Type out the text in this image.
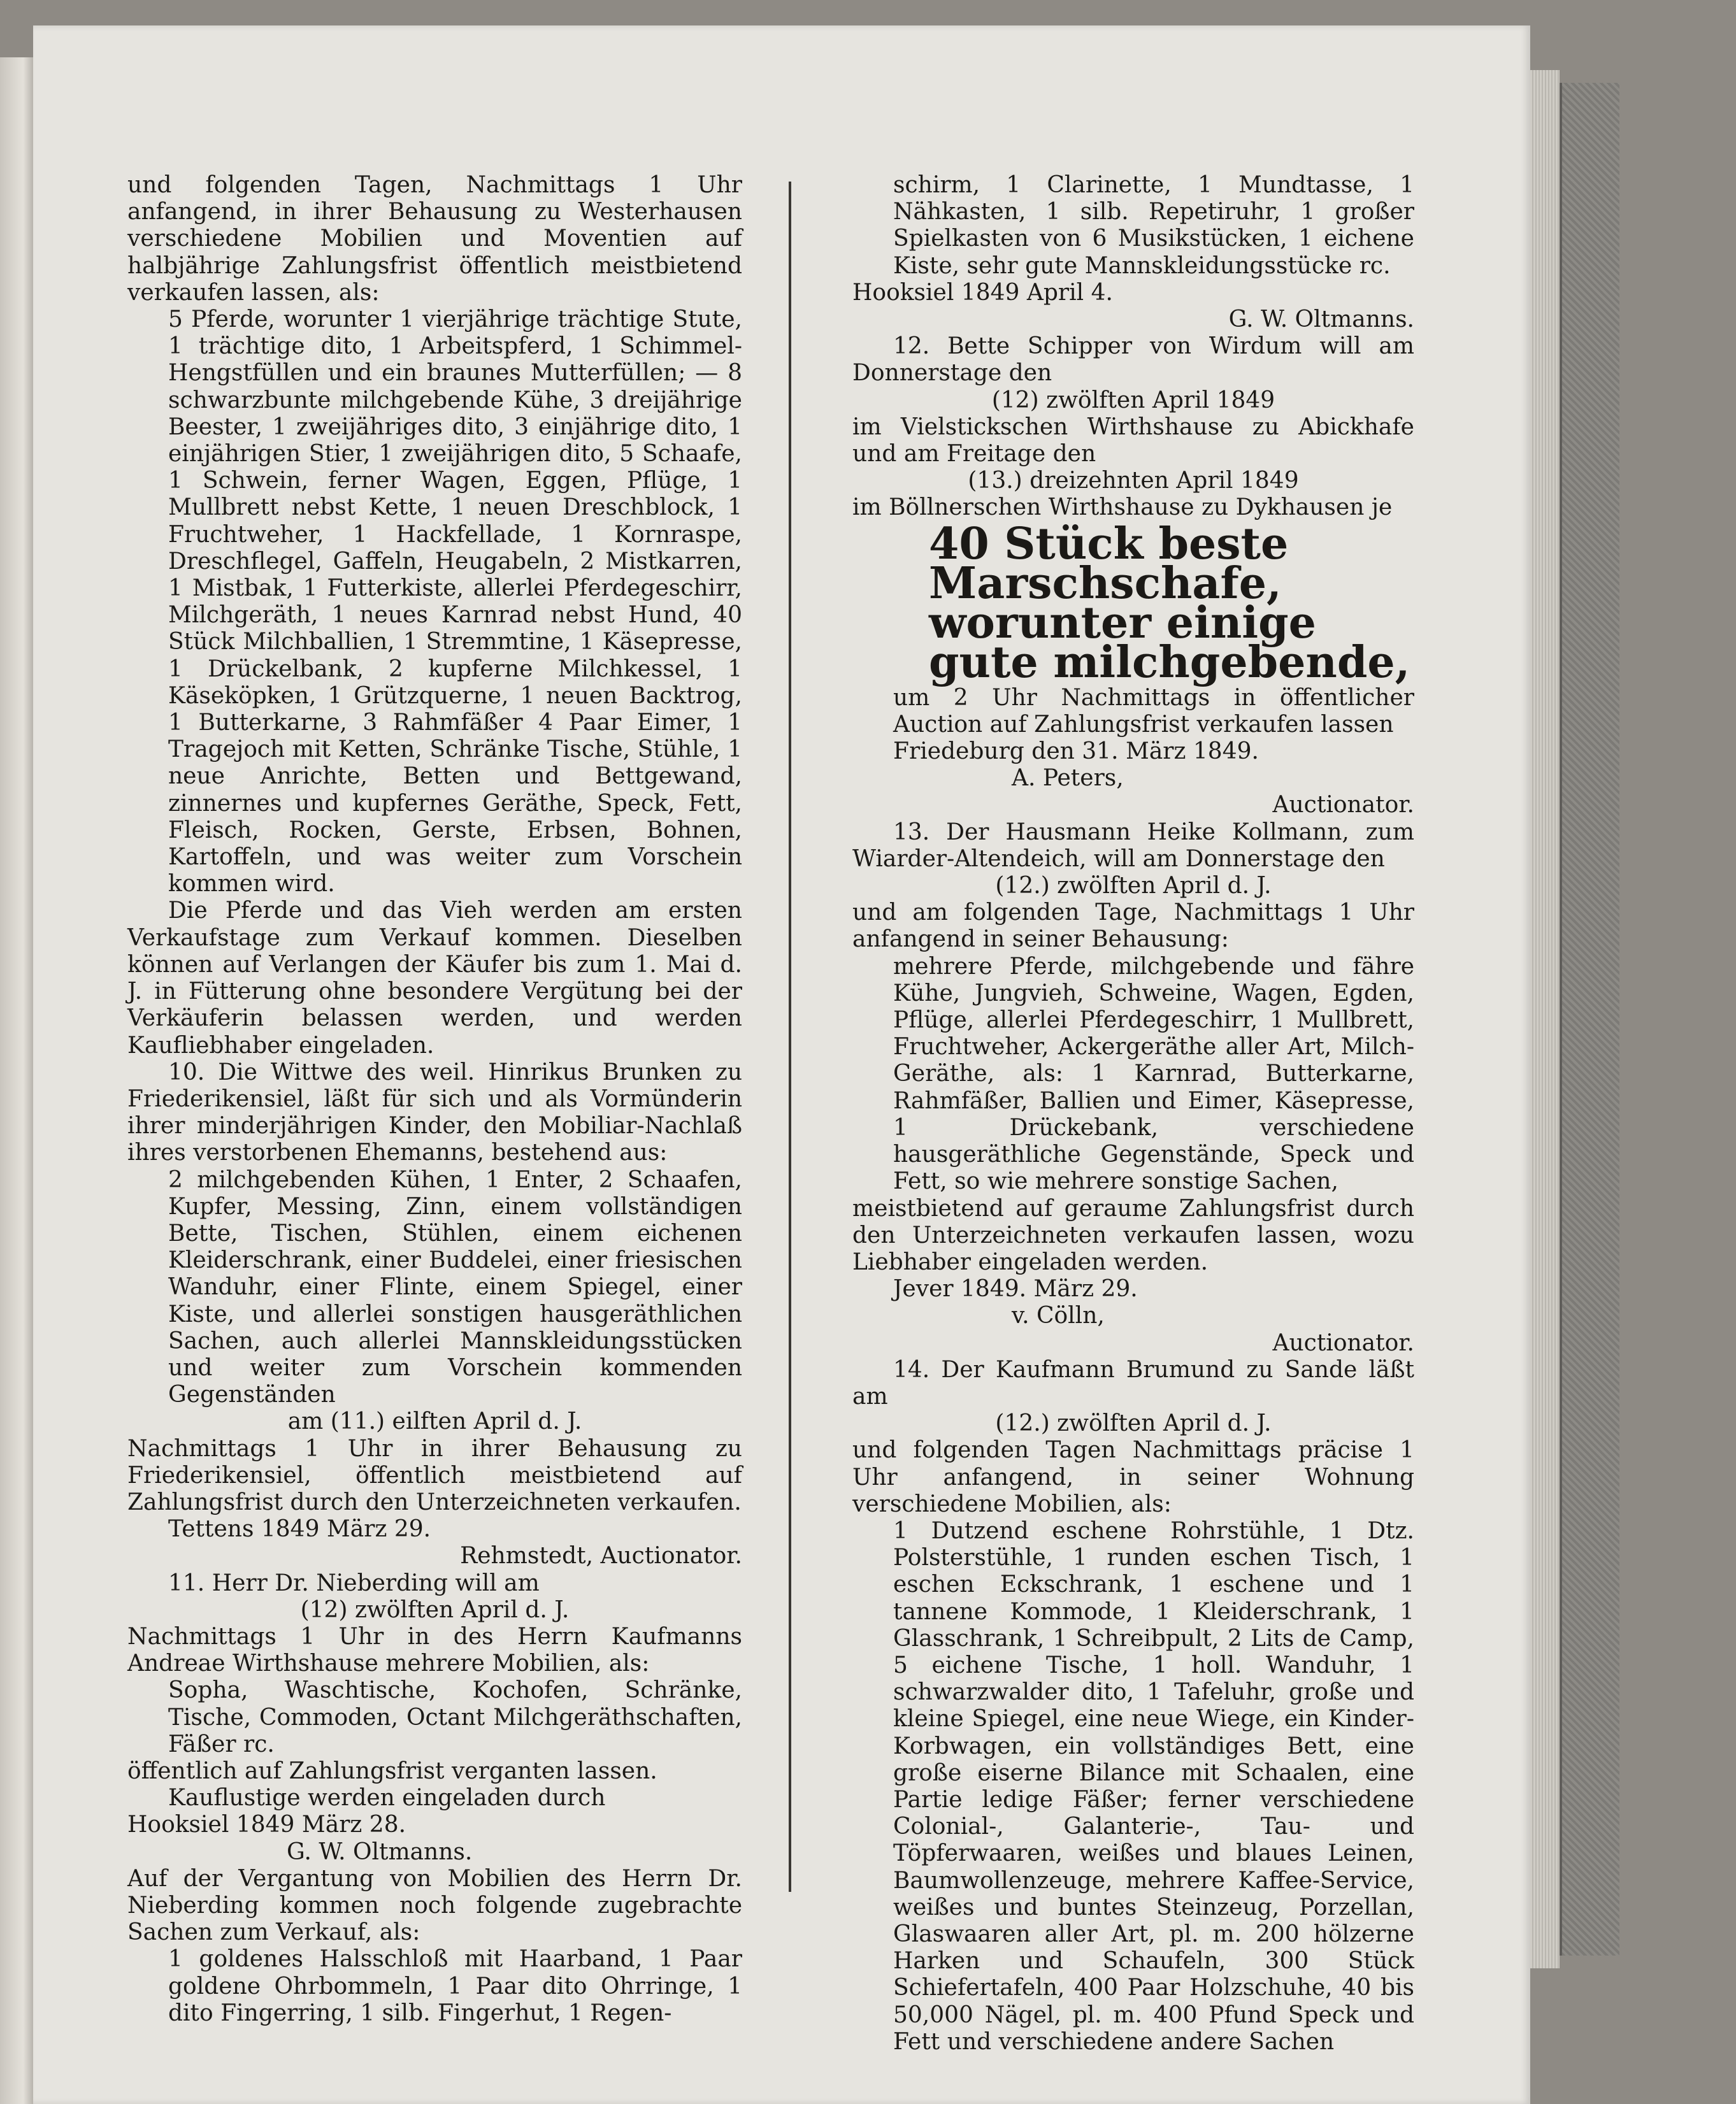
und folgenden Tagen, Nachmittags 1 Uhr anfangend, in ihrer Behausung zu Westerhausen verschiedene Mobilien und Moventien auf halbjährige Zahlungsfrist öffentlich meistbietend verkaufen lassen, als:

5 Pferde, worunter 1 vierjährige trächtige Stute, 1 trächtige dito, 1 Arbeitspferd, 1 Schimmel-Hengstfüllen und ein braunes Mutterfüllen; — 8 schwarzbunte milchgebende Kühe, 3 dreijährige Beester, 1 zweijähriges dito, 3 einjährige dito, 1 einjährigen Stier, 1 zweijährigen dito, 5 Schaafe, 1 Schwein, ferner Wagen, Eggen, Pflüge, 1 Mullbrett nebst Kette, 1 neuen Dreschblock, 1 Fruchtweher, 1 Hackfellade, 1 Kornraspe, Dreschflegel, Gaffeln, Heugabeln, 2 Mistkarren, 1 Mistbak, 1 Futterkiste, allerlei Pferdegeschirr, Milchgeräth, 1 neues Karnrad nebst Hund, 40 Stück Milchballien, 1 Stremmtine, 1 Käsepresse, 1 Drückelbank, 2 kupferne Milchkessel, 1 Käseköpken, 1 Grützquerne, 1 neuen Backtrog, 1 Butterkarne, 3 Rahmfäßer 4 Paar Eimer, 1 Tragejoch mit Ketten, Schränke Tische, Stühle, 1 neue Anrichte, Betten und Bettgewand, zinnernes und kupfernes Geräthe, Speck, Fett, Fleisch, Rocken, Gerste, Erbsen, Bohnen, Kartoffeln, und was weiter zum Vorschein kommen wird.

Die Pferde und das Vieh werden am ersten Verkaufstage zum Verkauf kommen. Dieselben können auf Verlangen der Käufer bis zum 1. Mai d. J. in Fütterung ohne besondere Vergütung bei der Verkäuferin belassen werden, und werden Kaufliebhaber eingeladen.

10. Die Wittwe des weil. Hinrikus Brunken zu Friederikensiel, läßt für sich und als Vormünderin ihrer minderjährigen Kinder, den Mobiliar-Nachlaß ihres verstorbenen Ehemanns, bestehend aus:

2 milchgebenden Kühen, 1 Enter, 2 Schaafen, Kupfer, Messing, Zinn, einem vollständigen Bette, Tischen, Stühlen, einem eichenen Kleiderschrank, einer Buddelei, einer friesischen Wanduhr, einer Flinte, einem Spiegel, einer Kiste, und allerlei sonstigen hausgeräthlichen Sachen, auch allerlei Mannskleidungsstücken und weiter zum Vorschein kommenden Gegenständen

am (11.) eilften April d. J.

Nachmittags 1 Uhr in ihrer Behausung zu Friederikensiel, öffentlich meistbietend auf Zahlungsfrist durch den Unterzeichneten verkaufen.

Tettens 1849 März 29.

Rehmstedt, Auctionator.

11. Herr Dr. Nieberding will am

(12) zwölften April d. J.

Nachmittags 1 Uhr in des Herrn Kaufmanns Andreae Wirthshause mehrere Mobilien, als:

Sopha, Waschtische, Kochofen, Schränke, Tische, Commoden, Octant Milchgeräthschaften, Fäßer rc.

öffentlich auf Zahlungsfrist verganten lassen.

Kauflustige werden eingeladen durch

Hooksiel 1849 März 28.

G. W. Oltmanns.

Auf der Vergantung von Mobilien des Herrn Dr. Nieberding kommen noch folgende zugebrachte Sachen zum Verkauf, als:

1 goldenes Halsschloß mit Haarband, 1 Paar goldene Ohrbommeln, 1 Paar dito Ohrringe, 1 dito Fingerring, 1 silb. Fingerhut, 1 Regen-

schirm, 1 Clarinette, 1 Mundtasse, 1 Nähkasten, 1 silb. Repetiruhr, 1 großer Spielkasten von 6 Musikstücken, 1 eichene Kiste, sehr gute Mannskleidungsstücke rc.

Hooksiel 1849 April 4.

G. W. Oltmanns.

12. Bette Schipper von Wirdum will am Donnerstage den

(12) zwölften April 1849

im Vielstickschen Wirthshause zu Abickhafe und am Freitage den

(13.) dreizehnten April 1849

im Böllnerschen Wirthshause zu Dykhausen je

40 Stück beste Marschschafe, worunter einige gute milchgebende,

um 2 Uhr Nachmittags in öffentlicher Auction auf Zahlungsfrist verkaufen lassen

Friedeburg den 31. März 1849.

A. Peters,

Auctionator.

13. Der Hausmann Heike Kollmann, zum Wiarder-Altendeich, will am Donnerstage den

(12.) zwölften April d. J.

und am folgenden Tage, Nachmittags 1 Uhr anfangend in seiner Behausung:

mehrere Pferde, milchgebende und fähre Kühe, Jungvieh, Schweine, Wagen, Egden, Pflüge, allerlei Pferdegeschirr, 1 Mullbrett, Fruchtweher, Ackergeräthe aller Art, Milch-Geräthe, als: 1 Karnrad, Butterkarne, Rahmfäßer, Ballien und Eimer, Käsepresse, 1 Drückebank, verschiedene hausgeräthliche Gegenstände, Speck und Fett, so wie mehrere sonstige Sachen,

meistbietend auf geraume Zahlungsfrist durch den Unterzeichneten verkaufen lassen, wozu Liebhaber eingeladen werden.

Jever 1849. März 29.

v. Cölln,

Auctionator.

14. Der Kaufmann Brumund zu Sande läßt am

(12.) zwölften April d. J.

und folgenden Tagen Nachmittags präcise 1 Uhr anfangend, in seiner Wohnung verschiedene Mobilien, als:

1 Dutzend eschene Rohrstühle, 1 Dtz. Polsterstühle, 1 runden eschen Tisch, 1 eschen Eckschrank, 1 eschene und 1 tannene Kommode, 1 Kleiderschrank, 1 Glasschrank, 1 Schreibpult, 2 Lits de Camp, 5 eichene Tische, 1 holl. Wanduhr, 1 schwarzwalder dito, 1 Tafeluhr, große und kleine Spiegel, eine neue Wiege, ein Kinder-Korbwagen, ein vollständiges Bett, eine große eiserne Bilance mit Schaalen, eine Partie ledige Fäßer; ferner verschiedene Colonial-, Galanterie-, Tau- und Töpferwaaren, weißes und blaues Leinen, Baumwollenzeuge, mehrere Kaffee-Service, weißes und buntes Steinzeug, Porzellan, Glaswaaren aller Art, pl. m. 200 hölzerne Harken und Schaufeln, 300 Stück Schiefertafeln, 400 Paar Holzschuhe, 40 bis 50,000 Nägel, pl. m. 400 Pfund Speck und Fett und verschiedene andere Sachen
